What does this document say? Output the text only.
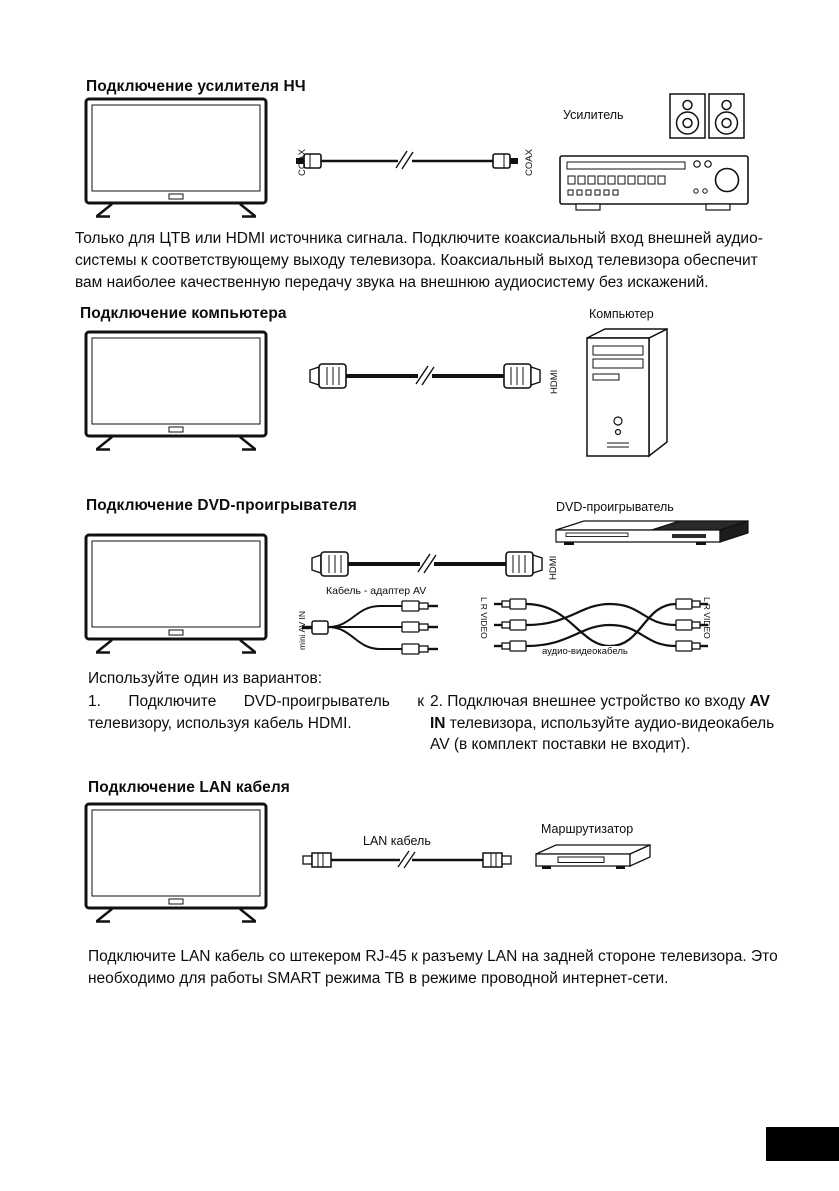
Подключение усилителя НЧ
COAX	COAX
Усилитель
Только для ЦТВ или HDMI источника сигнала. Подключите коаксиальный вход внешней аудио-системы к соответствующему выходу телевизора. Коаксиальный выход телевизора обеспечит вам наиболее качественную передачу звука на внешнюю аудиосистему без искажений.
Подключение компьютера	Компьютер
HDMI
Подключение DVD-проигрывателя	DVD-проигрыватель
HDMI
Кабель - адаптер AV
mini AV IN	L R VIDEO
аудио-видеокабель
L R VIDEO
Используйте один из вариантов:
1. Подключите DVD-проигрыватель к телевизору, используя кабель HDMI.
2. Подключая внешнее устройство ко входу AV IN телевизора, используйте аудио-видеокабель AV (в комплект поставки не входит).
Подключение LAN кабеля
LAN кабель
Маршрутизатор
Подключите LAN кабель со штекером RJ-45 к разъему LAN на задней стороне телевизора. Это необходимо для работы SMART режима ТВ в режиме проводной интернет-сети.
